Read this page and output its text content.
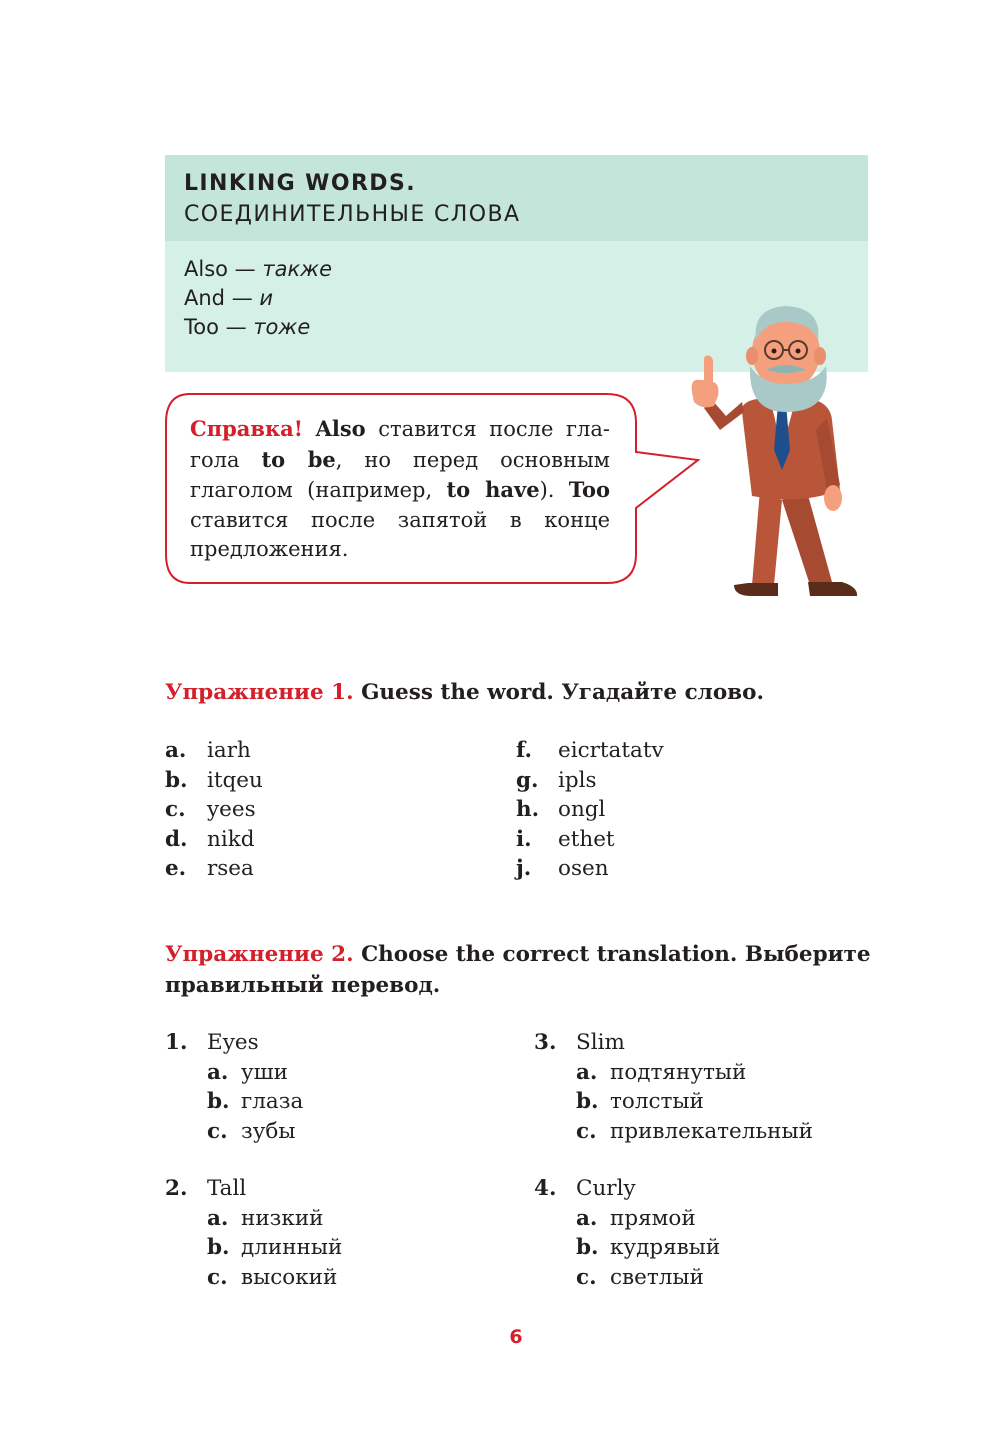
LINKING WORDS.
СОЕДИНИТЕЛЬНЫЕ СЛОВА
Also — также
And — и
Too — тоже
Справка! Also ставится после гла-гола to be, но перед основным глаголом (например, to have). Too ставится после запятой в конце предложения.
Упражнение 1. Guess the word. Угадайте слово.
a. iarh
b. itqeu
c. yees
d. nikd
e. rsea
f.	eicrtatatv
g. ipls
h. ongl
i.	ethet
j.	osen
Упражнение 2. Choose the correct translation. Выберите правильный перевод.
1. Eyes
a. уши
b. глаза
c. зубы
2. Tall
a. низкий
b. длинный
c. высокий
3. Slim
a. подтянутый
b. толстый
c. привлекательный
4. Curly
a. прямой
b. кудрявый
c. светлый
6
